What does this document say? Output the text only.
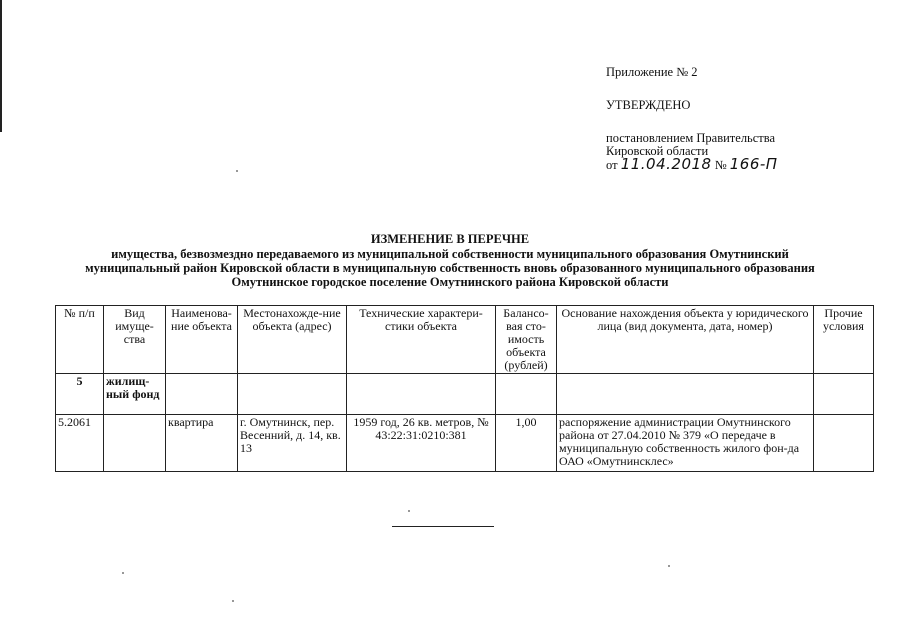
Приложение № 2

УТВЕРЖДЕНО

постановлением Правительства

Кировской области

от 11.04.2018 № 166-П

ИЗМЕНЕНИЕ В ПЕРЕЧНЕ
имущества, безвозмездно передаваемого из муниципальной собственности муниципального образования Омутнинский
муниципальный район Кировской области в муниципальную собственность вновь образованного муниципального образования
Омутнинское городское поселение Омутнинского района Кировской области
№ п/п	Вид имуще-ства	Наименова-ние объекта	Местонахожде-ние объекта (адрес)	Технические характери-стики объекта	Балансо-вая сто-имость объекта (рублей)	Основание нахождения объекта у юридического лица (вид документа, дата, номер)	Прочие условия
5	жилищ-ный фонд						
5.2061		квартира	г. Омутнинск, пер. Весенний, д. 14, кв. 13	1959 год, 26 кв. метров, № 43:22:31:0210:381	1,00	распоряжение администрации Омутнинского района от 27.04.2010 № 379 «О передаче в муниципальную собственность жилого фон-да ОАО «Омутнинсклес»	
